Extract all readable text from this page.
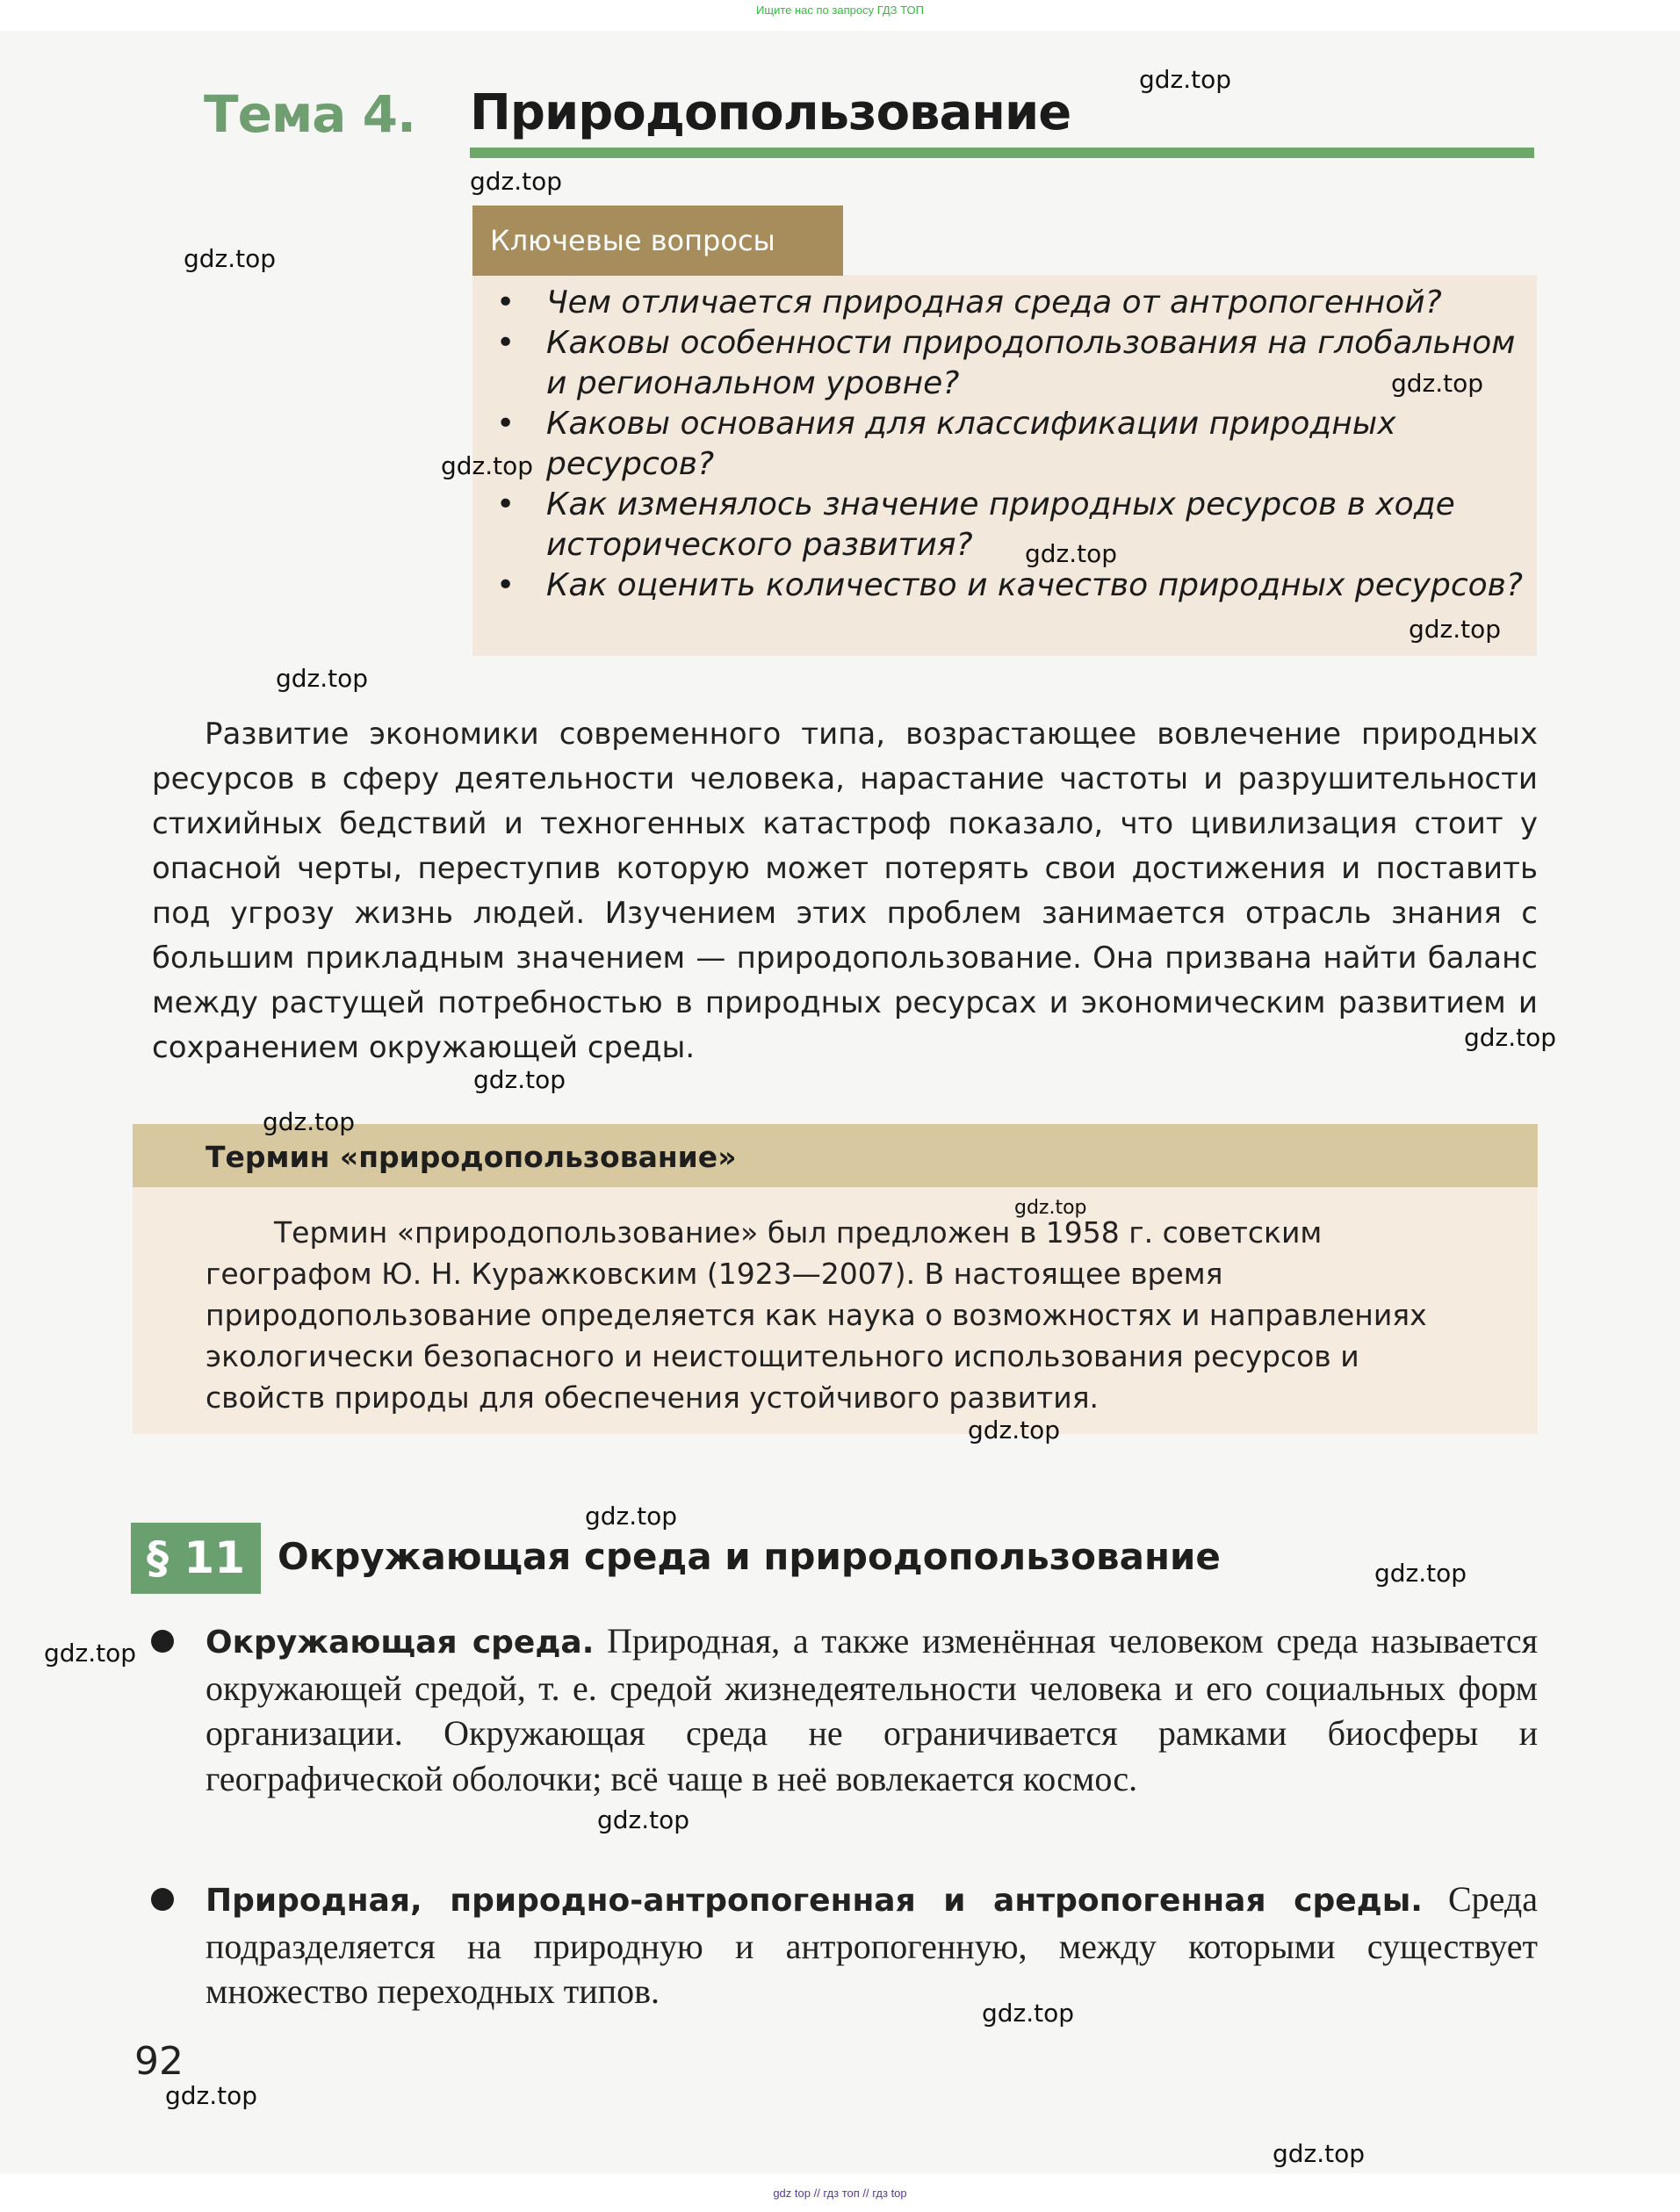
Ищите нас по запросу ГДЗ ТОП
Тема 4. Природопользование
Ключевые вопросы
• Чем отличается природная среда от антропогенной?
• Каковы особенности природопользования на глобальном и региональном уровне?
• Каковы основания для классификации природных ресурсов?
• Как изменялось значение природных ресурсов в ходе исторического развития?
• Как оценить количество и качество природных ресурсов?
Развитие экономики современного типа, возрастающее вовлечение природных ресурсов в сферу деятельности человека, нарастание частоты и разрушительности стихийных бедствий и техногенных катастроф показало, что цивилизация стоит у опасной черты, переступив которую может потерять свои достижения и поставить под угрозу жизнь людей. Изучением этих проблем занимается отрасль знания с большим прикладным значением — природопользование. Она призвана найти баланс между растущей потребностью в природных ресурсах и экономическим развитием и сохранением окружающей среды.
Термин «природопользование»
Термин «природопользование» был предложен в 1958 г. советским географом Ю. Н. Куражковским (1923—2007). В настоящее время природопользование определяется как наука о возможностях и направлениях экологически безопасного и неистощительного использования ресурсов и свойств природы для обеспечения устойчивого развития.
§ 11 Окружающая среда и природопользование
Окружающая среда. Природная, а также изменённая человеком среда называется окружающей средой, т. е. средой жизнедеятельности человека и его социальных форм организации. Окружающая среда не ограничивается рамками биосферы и географической оболочки; всё чаще в неё вовлекается космос.
Природная, природно-антропогенная и антропогенная среды. Среда подразделяется на природную и антропогенную, между которыми существует множество переходных типов.
92
gdz.top
gdz.top
gdz.top
gdz.top
gdz.top
gdz.top
gdz.top
gdz.top
gdz.top
gdz.top
gdz.top
gdz.top
gdz.top
gdz.top
gdz.top
gdz.top
gdz.top
gdz.top
gdz.top
gdz.top
gdz top // гдз топ // гдз top
